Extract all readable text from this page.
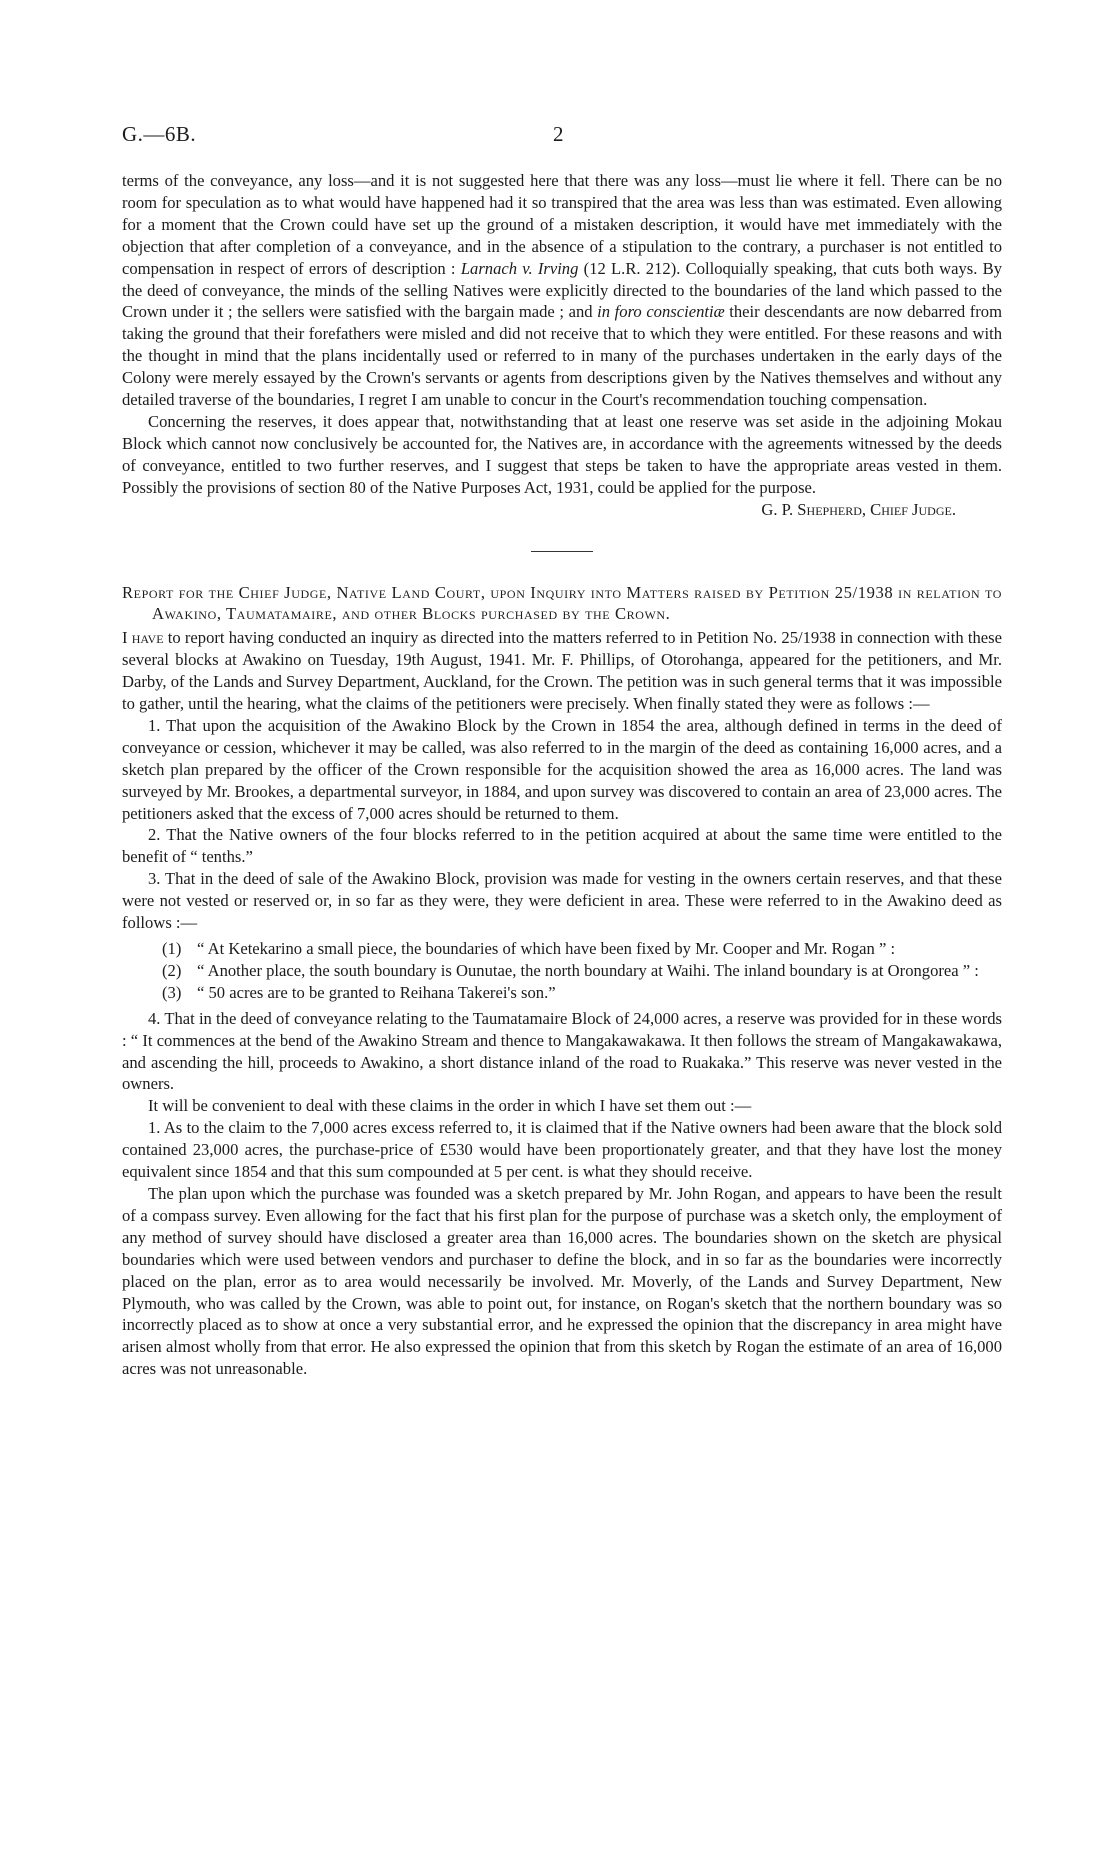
G.—6B.	2

terms of the conveyance, any loss—and it is not suggested here that there was any loss—must lie where it fell. There can be no room for speculation as to what would have happened had it so transpired that the area was less than was estimated. Even allowing for a moment that the Crown could have set up the ground of a mistaken description, it would have met immediately with the objection that after completion of a conveyance, and in the absence of a stipulation to the contrary, a purchaser is not entitled to compensation in respect of errors of description : Larnach v. Irving (12 L.R. 212). Colloquially speaking, that cuts both ways. By the deed of conveyance, the minds of the selling Natives were explicitly directed to the boundaries of the land which passed to the Crown under it ; the sellers were satisfied with the bargain made ; and in foro conscientiæ their descendants are now debarred from taking the ground that their forefathers were misled and did not receive that to which they were entitled. For these reasons and with the thought in mind that the plans incidentally used or referred to in many of the purchases undertaken in the early days of the Colony were merely essayed by the Crown's servants or agents from descriptions given by the Natives themselves and without any detailed traverse of the boundaries, I regret I am unable to concur in the Court's recommendation touching compensation.

Concerning the reserves, it does appear that, notwithstanding that at least one reserve was set aside in the adjoining Mokau Block which cannot now conclusively be accounted for, the Natives are, in accordance with the agreements witnessed by the deeds of conveyance, entitled to two further reserves, and I suggest that steps be taken to have the appropriate areas vested in them. Possibly the provisions of section 80 of the Native Purposes Act, 1931, could be applied for the purpose.

G. P. Shepherd, Chief Judge.

Report for the Chief Judge, Native Land Court, upon Inquiry into Matters raised by Petition 25/1938 in relation to Awakino, Taumatamaire, and other Blocks purchased by the Crown.

I have to report having conducted an inquiry as directed into the matters referred to in Petition No. 25/1938 in connection with these several blocks at Awakino on Tuesday, 19th August, 1941. Mr. F. Phillips, of Otorohanga, appeared for the petitioners, and Mr. Darby, of the Lands and Survey Department, Auckland, for the Crown. The petition was in such general terms that it was impossible to gather, until the hearing, what the claims of the petitioners were precisely. When finally stated they were as follows :—

1. That upon the acquisition of the Awakino Block by the Crown in 1854 the area, although defined in terms in the deed of conveyance or cession, whichever it may be called, was also referred to in the margin of the deed as containing 16,000 acres, and a sketch plan prepared by the officer of the Crown responsible for the acquisition showed the area as 16,000 acres. The land was surveyed by Mr. Brookes, a departmental surveyor, in 1884, and upon survey was discovered to contain an area of 23,000 acres. The petitioners asked that the excess of 7,000 acres should be returned to them.

2. That the Native owners of the four blocks referred to in the petition acquired at about the same time were entitled to the benefit of “ tenths.”

3. That in the deed of sale of the Awakino Block, provision was made for vesting in the owners certain reserves, and that these were not vested or reserved or, in so far as they were, they were deficient in area. These were referred to in the Awakino deed as follows :—

(1) “ At Ketekarino a small piece, the boundaries of which have been fixed by Mr. Cooper and Mr. Rogan ” :
(2) “ Another place, the south boundary is Ounutae, the north boundary at Waihi. The inland boundary is at Orongorea ” :
(3) “ 50 acres are to be granted to Reihana Takerei's son.”

4. That in the deed of conveyance relating to the Taumatamaire Block of 24,000 acres, a reserve was provided for in these words : “ It commences at the bend of the Awakino Stream and thence to Mangakawakawa. It then follows the stream of Mangakawakawa, and ascending the hill, proceeds to Awakino, a short distance inland of the road to Ruakaka.” This reserve was never vested in the owners.

It will be convenient to deal with these claims in the order in which I have set them out :—

1. As to the claim to the 7,000 acres excess referred to, it is claimed that if the Native owners had been aware that the block sold contained 23,000 acres, the purchase-price of £530 would have been proportionately greater, and that they have lost the money equivalent since 1854 and that this sum compounded at 5 per cent. is what they should receive.

The plan upon which the purchase was founded was a sketch prepared by Mr. John Rogan, and appears to have been the result of a compass survey. Even allowing for the fact that his first plan for the purpose of purchase was a sketch only, the employment of any method of survey should have disclosed a greater area than 16,000 acres. The boundaries shown on the sketch are physical boundaries which were used between vendors and purchaser to define the block, and in so far as the boundaries were incorrectly placed on the plan, error as to area would necessarily be involved. Mr. Moverly, of the Lands and Survey Department, New Plymouth, who was called by the Crown, was able to point out, for instance, on Rogan's sketch that the northern boundary was so incorrectly placed as to show at once a very substantial error, and he expressed the opinion that the discrepancy in area might have arisen almost wholly from that error. He also expressed the opinion that from this sketch by Rogan the estimate of an area of 16,000 acres was not unreasonable.
